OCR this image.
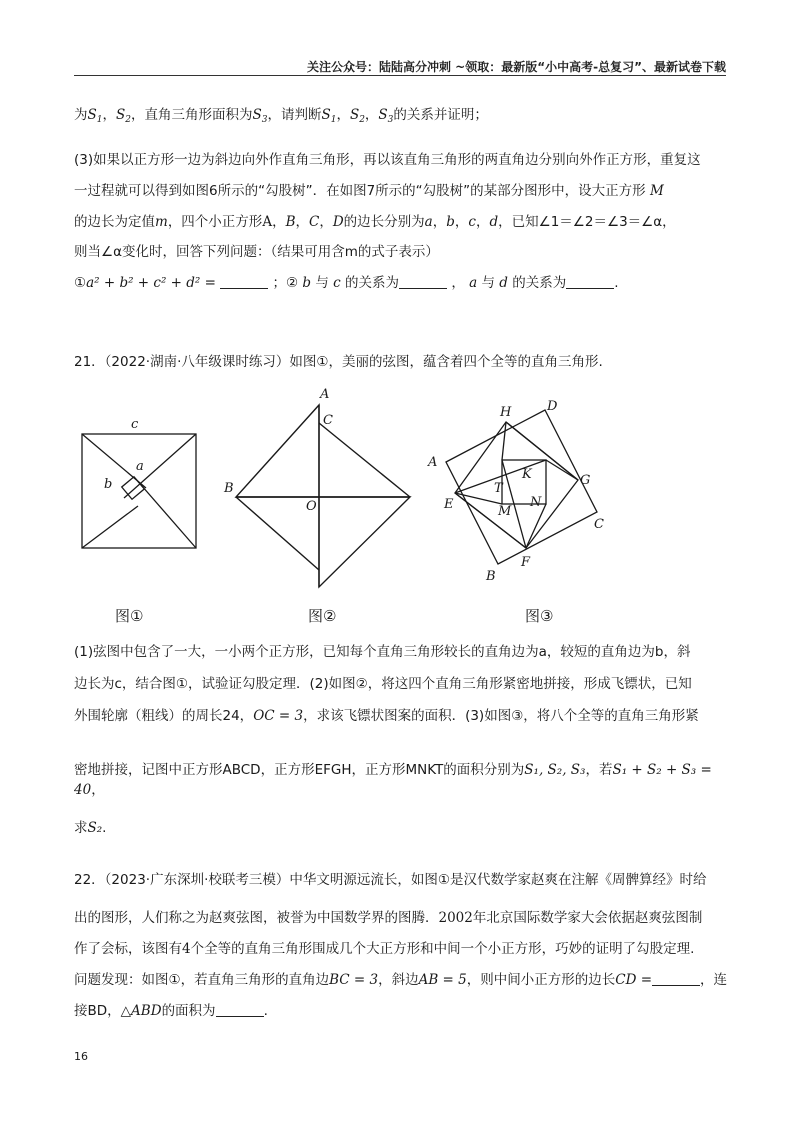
关注公众号：陆陆高分冲刺 ~领取：最新版“小中高考-总复习”、最新试卷下载
为$S_1$，$S_2$，直角三角形面积为$S_3$，请判断$S_1$，$S_2$，$S_3$的关系并证明；
(3)如果以正方形一边为斜边向外作直角三角形，再以该直角三角形的两直角边分别向外作正方形，重复这
一过程就可以得到如图6所示的“勾股树”．在如图7所示的“勾股树”的某部分图形中，设大正方形 M
的边长为定值m，四个小正方形A，B，C，D的边长分别为a，b，c，d，已知∠1＝∠2＝∠3＝∠α，
则当∠α变化时，回答下列问题：（结果可用含m的式子表示）
①a² + b² + c² + d² =	；② b 与 c 的关系为	， a 与 d 的关系为	.
21．（2022·湖南·八年级课时练习）如图①，美丽的弦图，蕴含着四个全等的直角三角形.
c
a
b
A
C
B
O
H	D
A
K	G
T
E	N
M
C
F
B
图①	图②	图③
(1)弦图中包含了一大，一小两个正方形，已知每个直角三角形较长的直角边为a，较短的直角边为b，斜
边长为c，结合图①，试验证勾股定理．(2)如图②，将这四个直角三角形紧密地拼接，形成飞镖状，已知
外围轮廓（粗线）的周长24，OC = 3，求该飞镖状图案的面积．(3)如图③，将八个全等的直角三角形紧
密地拼接，记图中正方形ABCD，正方形EFGH，正方形MNKT的面积分别为S₁, S₂, S₃，若S₁ + S₂ + S₃ = 40，
求S₂.
22．（2023·广东深圳·校联考三模）中华文明源远流长，如图①是汉代数学家赵爽在注解《周髀算经》时给
出的图形，人们称之为赵爽弦图，被誉为中国数学界的图腾．2002年北京国际数学家大会依据赵爽弦图制
作了会标，该图有4个全等的直角三角形围成几个大正方形和中间一个小正方形，巧妙的证明了勾股定理.
问题发现：如图①，若直角三角形的直角边BC = 3，斜边AB = 5，则中间小正方形的边长CD =	，连
接BD，△ABD的面积为	.
16
